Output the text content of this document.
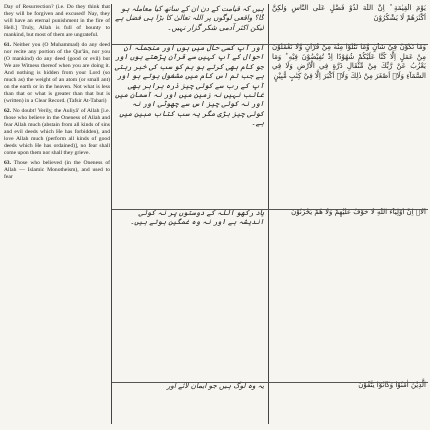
Day of Resurrection? (i.e. Do they think that they will be forgiven and excused! Nay, they will have an eternal punishment in the fire of Hell.] Truly, Allah is full of bounty to mankind, but most of them are ungrateful.

61. Neither you (O Muhammad) do any deed nor recite any portion of the Qur'ân, nor you (O mankind) do any deed (good or evil) but We are Witness thereof when you are doing it. And nothing is hidden from your Lord (so much as) the weight of an atom (or small ant) on the earth or in the heaven. Not what is less than that or what is greater than that but is (written) in a Clear Record. (Tafsir At-Tabari)

62. No doubt! Verily, the Auliyâ' of Allah [i.e. those who believe in the Oneness of Allah and fear Allah much (abstain from all kinds of sins and evil deeds which He has forbidden), and love Allah much (perform all kinds of good deeds which He has ordained)], no fear shall come upon them nor shall they grieve.

63. Those who believed (in the Oneness of Allah — Islamic Monotheism), and used to fear

ہیں کہ قیامت کے دن ان کے ساتھ کیا معاملہ ہو گا؟ واقعی لوگوں پر اللہ تعالیٰ کا بڑا ہی فضل ہے لیکن اکثر آدمی شکر گزار نہیں۔

اور آپ کسی حال میں ہوں اور منجملہ ان احوال کے آپ کہیں سے قرآن پڑھتے ہوں اور جو کام بھی کرتے ہو ہم کو سب کی خبر رہتی ہے جب تم اس کام میں مشغول ہوتے ہو اور آپ کے رب سے کوئی چیز ذرہ برابر بھی غائب نہیں نہ زمین میں اور نہ آسمان میں اور نہ کوئی چیز اس سے چھوٹی اور نہ کوئی چیز بڑی مگر یہ سب کتاب مبین میں ہے۔

یاد رکھو اللہ کے دوستوں پر نہ کوئی اندیشہ ہے اور نہ وہ غمگین ہوتے ہیں۔

یہ وہ لوگ ہیں جو ایمان لائے اور

يَوْمَ الْقِيٰمَةِ ؕ اِنَّ اللّٰهَ لَذُوْ فَضْلٍ عَلَى النَّاسِ وَلٰكِنَّ اَكْثَرَهُمْ لَا يَشْكُرُوْنَ

وَمَا تَكُوْنُ فِيْ شَاْنٍ وَّمَا تَتْلُوْا مِنْهُ مِنْ قُرْاٰنٍ وَّلَا تَعْمَلُوْنَ مِنْ عَمَلٍ اِلَّا كُنَّا عَلَيْكُمْ شُهُوْدًا اِذْ تُفِيْضُوْنَ فِيْهِ ؕ وَمَا يَعْزُبُ عَنْ رَّبِّكَ مِنْ مِّثْقَالِ ذَرَّةٍ فِي الْاَرْضِ وَلَا فِي السَّمَآءِ وَلَاۤ اَصْغَرَ مِنْ ذٰلِكَ وَلَاۤ اَكْبَرَ اِلَّا فِيْ كِتٰبٍ مُّبِيْنٍ

اَلَاۤ اِنَّ اَوْلِيَآءَ اللّٰهِ لَا خَوْفٌ عَلَيْهِمْ وَلَا هُمْ يَحْزَنُوْنَ

الَّذِيْنَ اٰمَنُوْا وَكَانُوْا يَتَّقُوْنَ
